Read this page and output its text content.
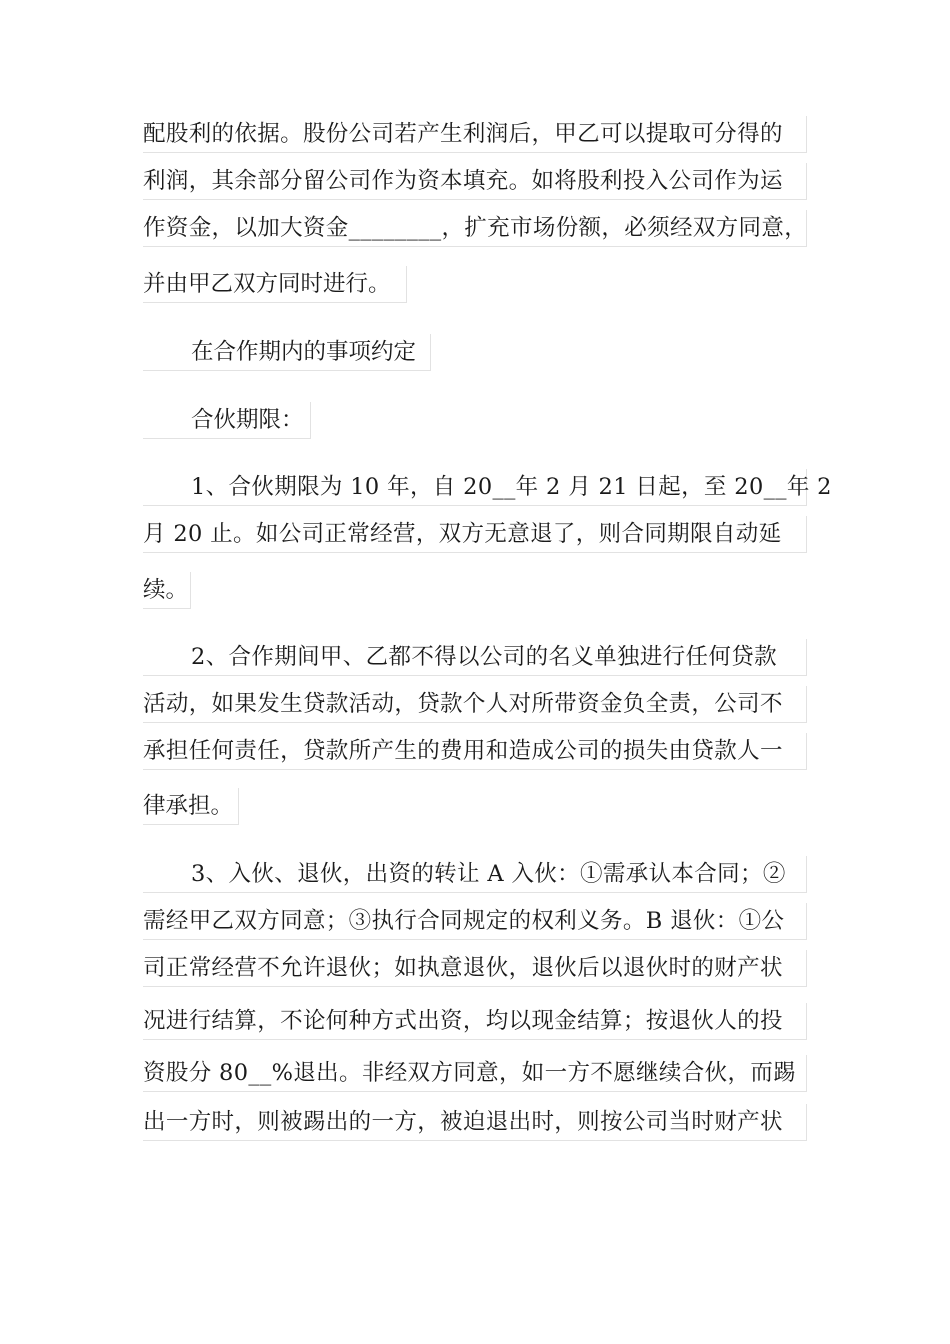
配股利的依据。股份公司若产生利润后，甲乙可以提取可分得的
利润，其余部分留公司作为资本填充。如将股利投入公司作为运
作资金，以加大资金________，扩充市场份额，必须经双方同意，
并由甲乙双方同时进行。
在合作期内的事项约定
合伙期限：
1、合伙期限为 10 年，自 20__年 2 月 21 日起，至 20__年 2
月 20 止。如公司正常经营，双方无意退了，则合同期限自动延
续。
2、合作期间甲、乙都不得以公司的名义单独进行任何贷款
活动，如果发生贷款活动，贷款个人对所带资金负全责，公司不
承担任何责任，贷款所产生的费用和造成公司的损失由贷款人一
律承担。
3、入伙、退伙，出资的转让 A 入伙：①需承认本合同；②
需经甲乙双方同意；③执行合同规定的权利义务。B 退伙：①公
司正常经营不允许退伙；如执意退伙，退伙后以退伙时的财产状
况进行结算，不论何种方式出资，均以现金结算；按退伙人的投
资股分 80__%退出。非经双方同意，如一方不愿继续合伙，而踢
出一方时，则被踢出的一方，被迫退出时，则按公司当时财产状
